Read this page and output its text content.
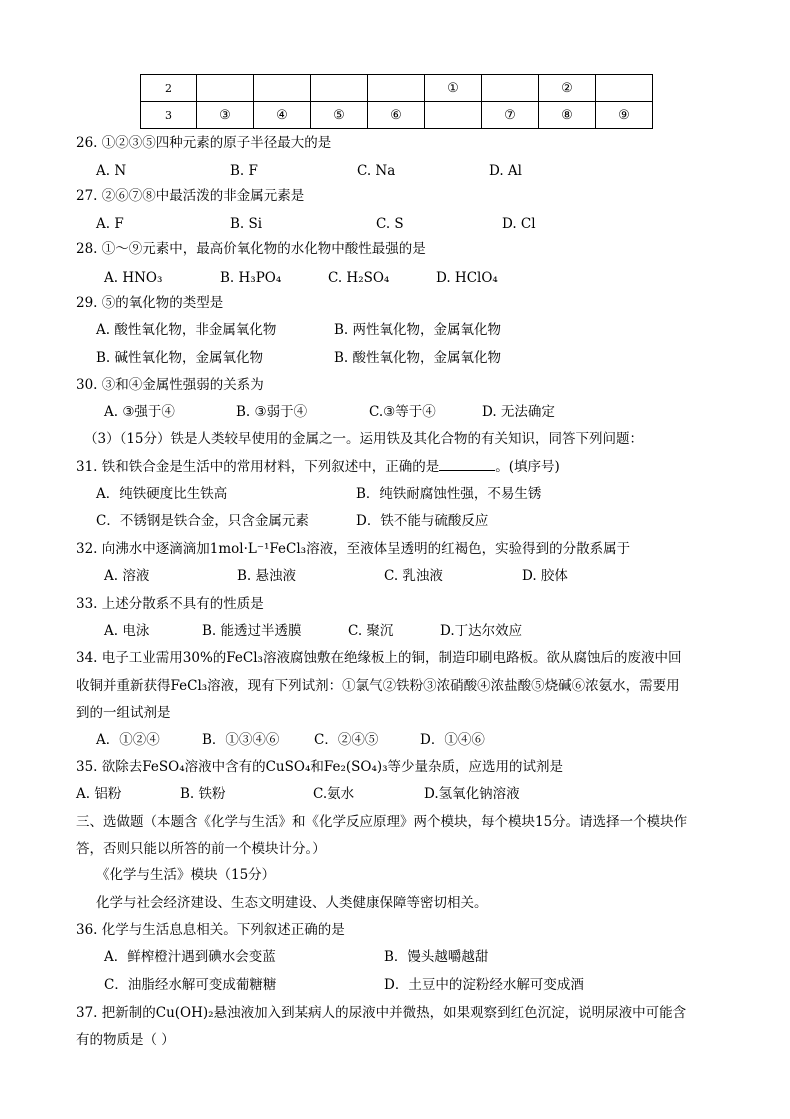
2					①		②	
3	③	④	⑤	⑥		⑦	⑧	⑨
26. ①②③⑤四种元素的原子半径最大的是
27. ②⑥⑦⑧中最活泼的非金属元素是
28. ①～⑨元素中，最高价氧化物的水化物中酸性最强的是
29. ⑤的氧化物的类型是
30. ③和④金属性强弱的关系为
（3）（15分）铁是人类较早使用的金属之一。运用铁及其化合物的有关知识，同答下列问题：
32. 向沸水中逐滴滴加1mol·L⁻¹FeCl₃溶液，至液体呈透明的红褐色，实验得到的分散系属于
33. 上述分散系不具有的性质是
34. 电子工业需用30%的FeCl₃溶液腐蚀敷在绝缘板上的铜，制造印刷电路板。欲从腐蚀后的废液中回
收铜并重新获得FeCl₃溶液，现有下列试剂：①氯气②铁粉③浓硝酸④浓盐酸⑤烧碱⑥浓氨水，需要用
到的一组试剂是
35. 欲除去FeSO₄溶液中含有的CuSO₄和Fe₂(SO₄)₃等少量杂质，应选用的试剂是
三、选做题（本题含《化学与生活》和《化学反应原理》两个模块，每个模块15分。请选择一个模块作
答，否则只能以所答的前一个模块计分。）
《化学与生活》模块（15分）
化学与社会经济建设、生态文明建设、人类健康保障等密切相关。
36. 化学与生活息息相关。下列叙述正确的是
37. 把新制的Cu(OH)₂悬浊液加入到某病人的尿液中并微热，如果观察到红色沉淀，说明尿液中可能含
有的物质是（ ）
A. N	B. F	C. Na	D. Al
A. F	B. Si	C. S	D. Cl
A. HNO₃	B. H₃PO₄	C. H₂SO₄	D. HClO₄
A. 酸性氧化物，非金属氧化物	B. 两性氧化物，金属氧化物
B. 碱性氧化物，金属氧化物	B. 酸性氧化物，金属氧化物
A. ③强于④	B. ③弱于④	C.③等于④	D. 无法确定
A．纯铁硬度比生铁高	B．纯铁耐腐蚀性强，不易生锈
C．不锈钢是铁合金，只含金属元素	D．铁不能与硫酸反应
A. 溶液	B. 悬浊液	C. 乳浊液	D. 胶体
A. 电泳	B. 能透过半透膜	C. 聚沉	D.丁达尔效应
A．①②④	B．①③④⑥	C．②④⑤	D．①④⑥
A. 铝粉	B. 铁粉	C.氨水	D.氢氧化钠溶液
A．鲜榨橙汁遇到碘水会变蓝	B．馒头越嚼越甜
C．油脂经水解可变成葡糖糖	D．土豆中的淀粉经水解可变成酒
31. 铁和铁合金是生活中的常用材料，下列叙述中，正确的是	。(填序号)
